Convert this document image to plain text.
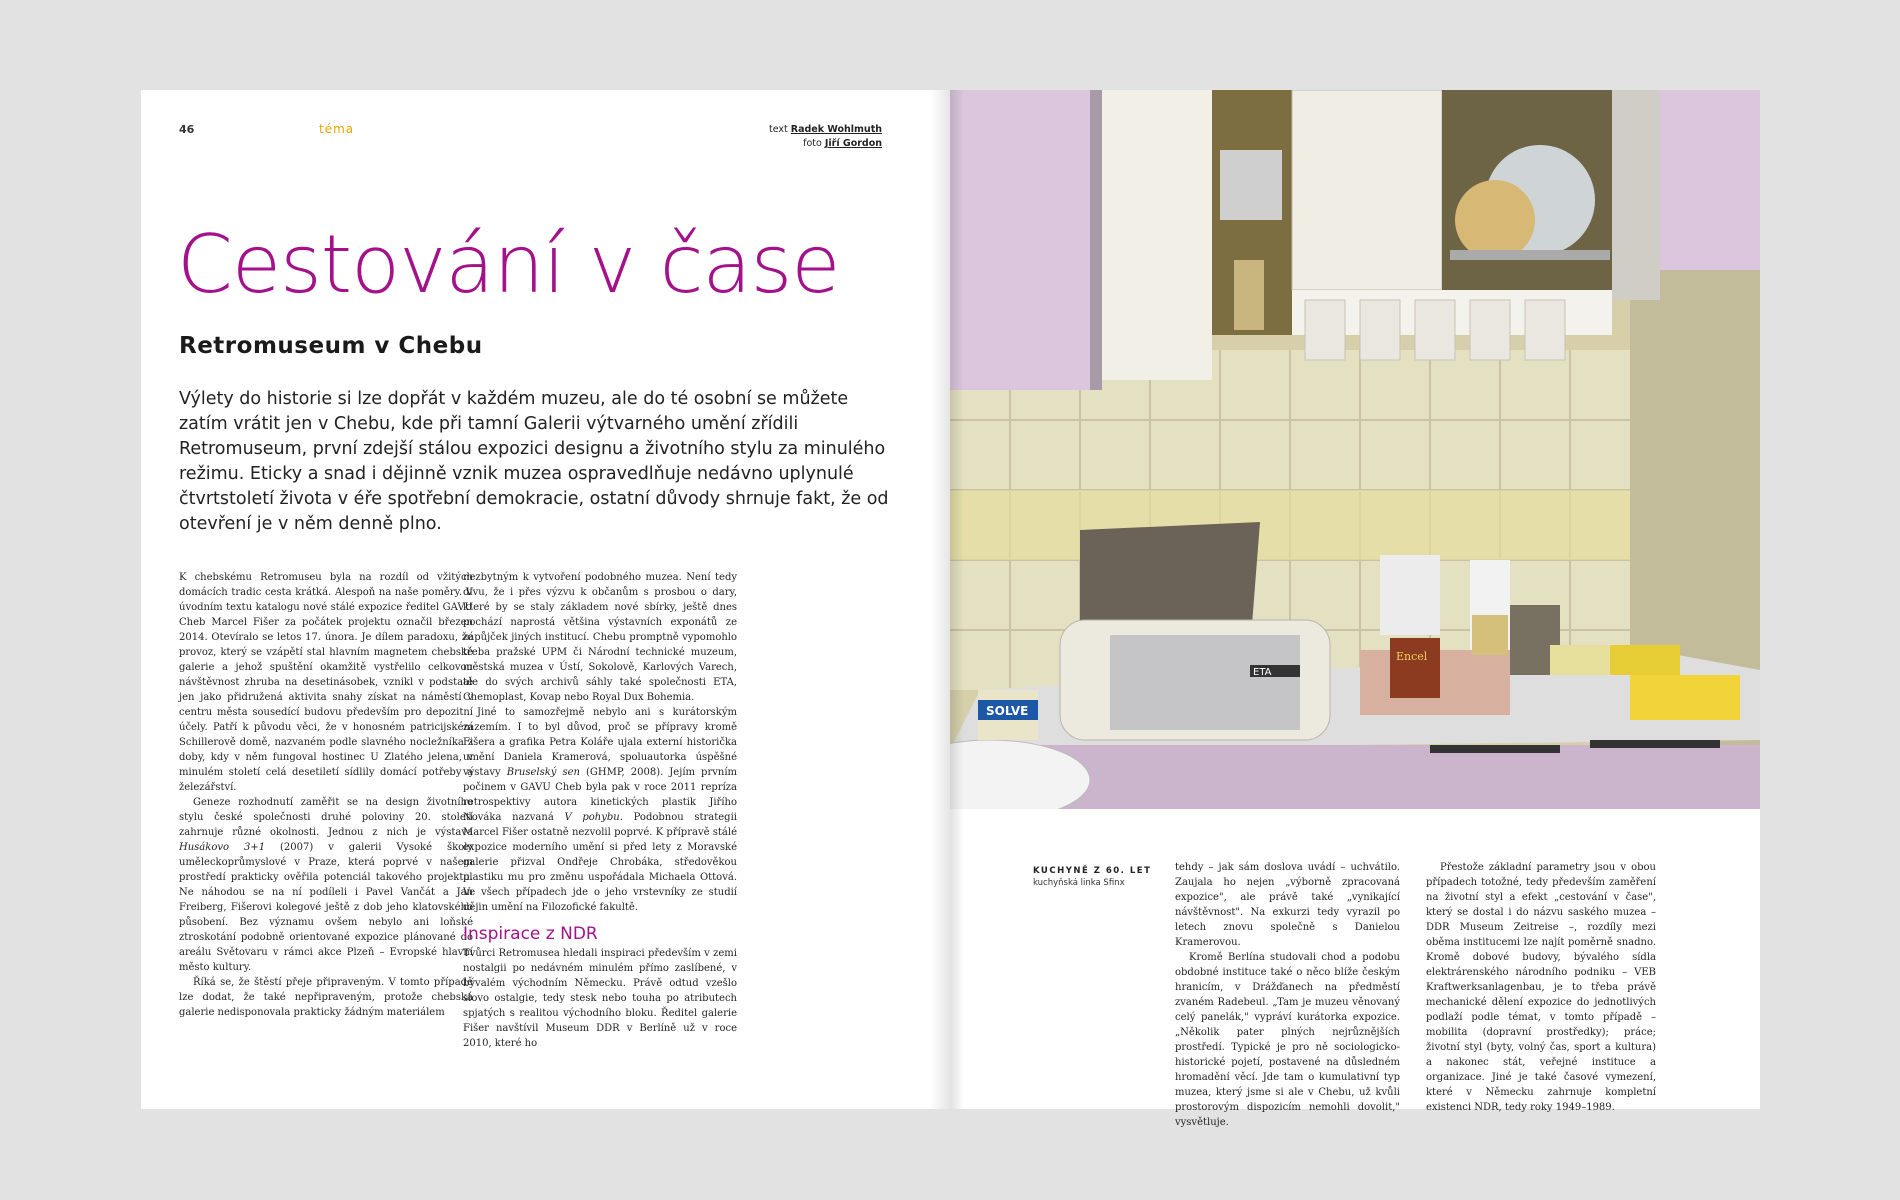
46	téma	text Radek Wohlmuth
foto Jiří Gordon
Cestování v čase
Retromuseum v Chebu

Výlety do historie si lze dopřát v každém muzeu, ale do té osobní se můžete zatím vrátit jen v Chebu, kde při tamní Galerii výtvarného umění zřídili Retromuseum, první zdejší stálou expozici designu a životního stylu za minulého režimu. Eticky a snad i dějinně vznik muzea ospravedlňuje nedávno uplynulé čtvrtstoletí života v éře spotřební demokracie, ostatní důvody shrnuje fakt, že od otevření je v něm denně plno.

K chebskému Retromuseu byla na rozdíl od vžitých domácích tradic cesta krátká. Alespoň na naše poměry. V úvodním textu katalogu nové stálé expozice ředitel GAVU Cheb Marcel Fišer za počátek projektu označil březen 2014. Otevíralo se letos 17. února. Je dílem paradoxu, že provoz, který se vzápětí stal hlavním magnetem chebské galerie a jehož spuštění okamžitě vystřelilo celkovou návštěvnost zhruba na desetinásobek, vznikl v podstatě jen jako přidružená aktivita snahy získat na náměstí v centru města sousedící budovu především pro depozitní účely. Patří k původu věci, že v honosném patricijském Schillerově domě, nazvaném podle slavného nocležníka z doby, kdy v něm fungoval hostinec U Zlatého jelena, v minulém století celá desetiletí sídlily domácí potřeby a železářství.

Geneze rozhodnutí zaměřit se na design životního stylu české společnosti druhé poloviny 20. století zahrnuje různé okolnosti. Jednou z nich je výstava Husákovo 3+1 (2007) v galerii Vysoké školy uměleckoprůmyslové v Praze, která poprvé v našem prostředí prakticky ověřila potenciál takového projektu. Ne náhodou se na ní podíleli i Pavel Vančát a Jan Freiberg, Fišerovi kolegové ještě z dob jeho klatovského působení. Bez významu ovšem nebylo ani loňské ztroskotání podobně orientované expozice plánované do areálu Světovaru v rámci akce Plzeň – Evropské hlavní město kultury.

Říká se, že štěstí přeje připraveným. V tomto případě lze dodat, že také nepřipraveným, protože chebská galerie nedisponovala prakticky žádným materiálem

nezbytným k vytvoření podobného muzea. Není tedy divu, že i přes výzvu k občanům s prosbou o dary, které by se staly základem nové sbírky, ještě dnes pochází naprostá většina výstavních exponátů ze zápůjček jiných institucí. Chebu promptně vypomohlo třeba pražské UPM či Národní technické muzeum, městská muzea v Ústí, Sokolově, Karlových Varech, ale do svých archivů sáhly také společnosti ETA, Chemoplast, Kovap nebo Royal Dux Bohemia.

Jiné to samozřejmě nebylo ani s kurátorským zázemím. I to byl důvod, proč se přípravy kromě Fišera a grafika Petra Koláře ujala externí historička umění Daniela Kramerová, spoluautorka úspěšné výstavy Bruselský sen (GHMP, 2008). Jejím prvním počinem v GAVU Cheb byla pak v roce 2011 repríza retrospektivy autora kinetických plastik Jiřího Nováka nazvaná V pohybu. Podobnou strategii Marcel Fišer ostatně nezvolil poprvé. K přípravě stálé expozice moderního umění si před lety z Moravské galerie přizval Ondřeje Chrobáka, středověkou plastiku mu pro změnu uspořádala Michaela Ottová. Ve všech případech jde o jeho vrstevníky ze studií dějin umění na Filozofické fakultě.

Inspirace z NDR

Tvůrci Retromusea hledali inspiraci především v zemi nostalgii po nedávném minulém přímo zaslíbené, v bývalém východním Německu. Právě odtud vzešlo slovo ostalgie, tedy stesk nebo touha po atributech spjatých s realitou východního bloku. Ředitel galerie Fišer navštívil Museum DDR v Berlíně už v roce 2010, které ho

ETA
SOLVE
Encel
KUCHYNĚ Z 60. LET
kuchyňská linka Sfinx

tehdy – jak sám doslova uvádí – uchvátilo. Zaujala ho nejen „výborně zpracovaná expozice", ale právě také „vynikající návštěvnost". Na exkurzi tedy vyrazil po letech znovu společně s Danielou Kramerovou.

Kromě Berlína studovali chod a podobu obdobné instituce také o něco blíže českým hranicím, v Drážďanech na předměstí zvaném Radebeul. „Tam je muzeu věnovaný celý panelák," vypráví kurátorka expozice. „Několik pater plných nejrůznějších prostředí. Typické je pro ně sociologicko-historické pojetí, postavené na důsledném hromadění věcí. Jde tam o kumulativní typ muzea, který jsme si ale v Chebu, už kvůli prostorovým dispozicím nemohli dovolit," vysvětluje.

Přestože základní parametry jsou v obou případech totožné, tedy především zaměření na životní styl a efekt „cestování v čase", který se dostal i do názvu saského muzea – DDR Museum Zeitreise –, rozdíly mezi oběma institucemi lze najít poměrně snadno. Kromě dobové budovy, bývalého sídla elektrárenského národního podniku – VEB Kraftwerksanlagenbau, je to třeba právě mechanické dělení expozice do jednotlivých podlaží podle témat, v tomto případě – mobilita (dopravní prostředky); práce; životní styl (byty, volný čas, sport a kultura) a nakonec stát, veřejné instituce a organizace. Jiné je také časové vymezení, které v Německu zahrnuje kompletní existenci NDR, tedy roky 1949–1989.
